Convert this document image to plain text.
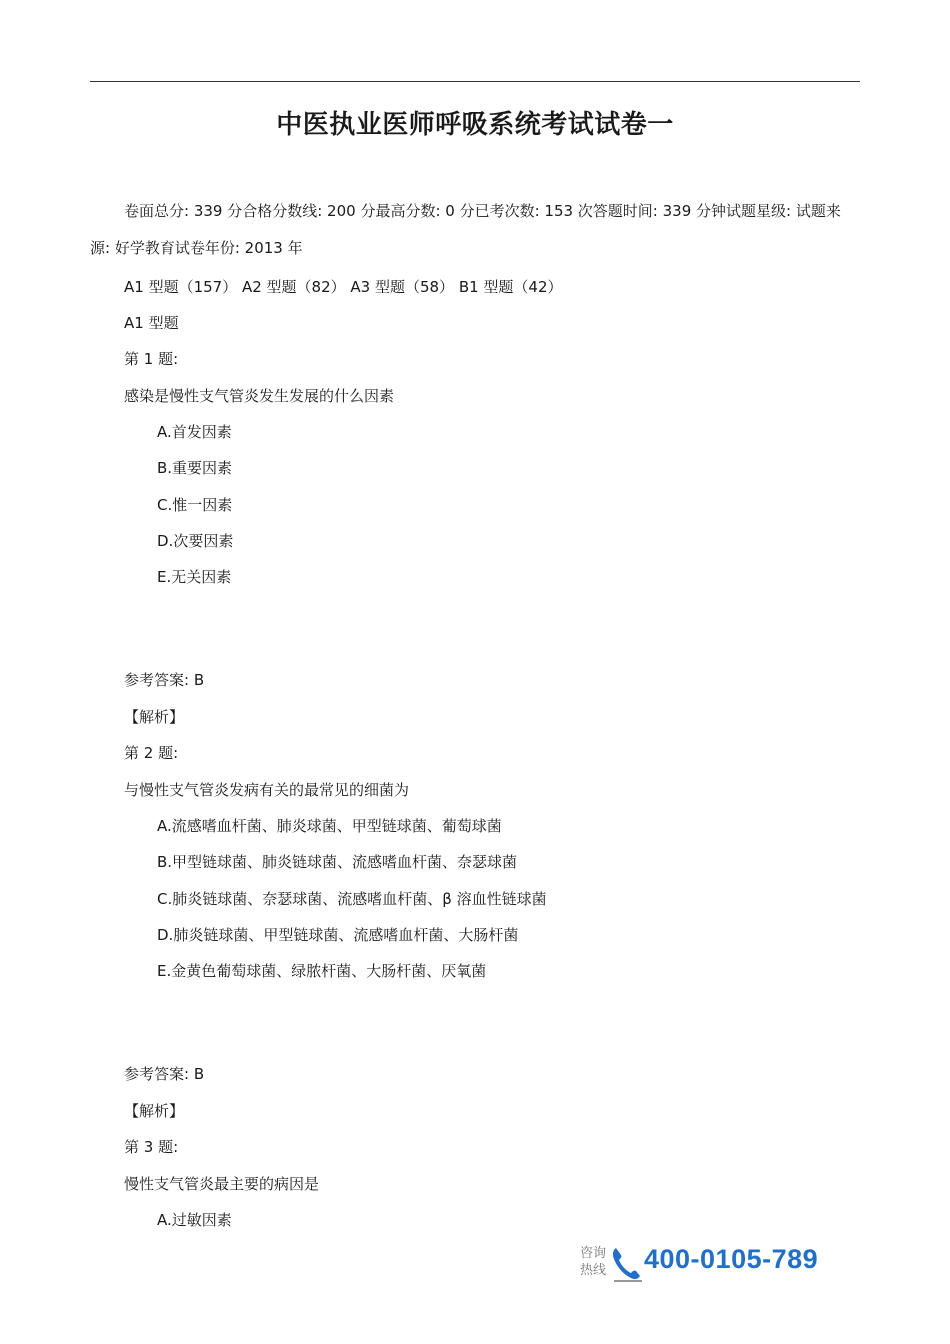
中医执业医师呼吸系统考试试卷一
卷面总分: 339 分合格分数线: 200 分最高分数: 0 分已考次数: 153 次答题时间: 339 分钟试题星级: 试题来源: 好学教育试卷年份: 2013 年
A1 型题（157） A2 型题（82） A3 型题（58） B1 型题（42）
A1 型题
第 1 题:
感染是慢性支气管炎发生发展的什么因素
A.首发因素
B.重要因素
C.惟一因素
D.次要因素
E.无关因素
参考答案: B
【解析】
第 2 题:
与慢性支气管炎发病有关的最常见的细菌为
A.流感嗜血杆菌、肺炎球菌、甲型链球菌、葡萄球菌
B.甲型链球菌、肺炎链球菌、流感嗜血杆菌、奈瑟球菌
C.肺炎链球菌、奈瑟球菌、流感嗜血杆菌、β 溶血性链球菌
D.肺炎链球菌、甲型链球菌、流感嗜血杆菌、大肠杆菌
E.金黄色葡萄球菌、绿脓杆菌、大肠杆菌、厌氧菌
参考答案: B
【解析】
第 3 题:
慢性支气管炎最主要的病因是
A.过敏因素
咨询
热线 400-0105-789
